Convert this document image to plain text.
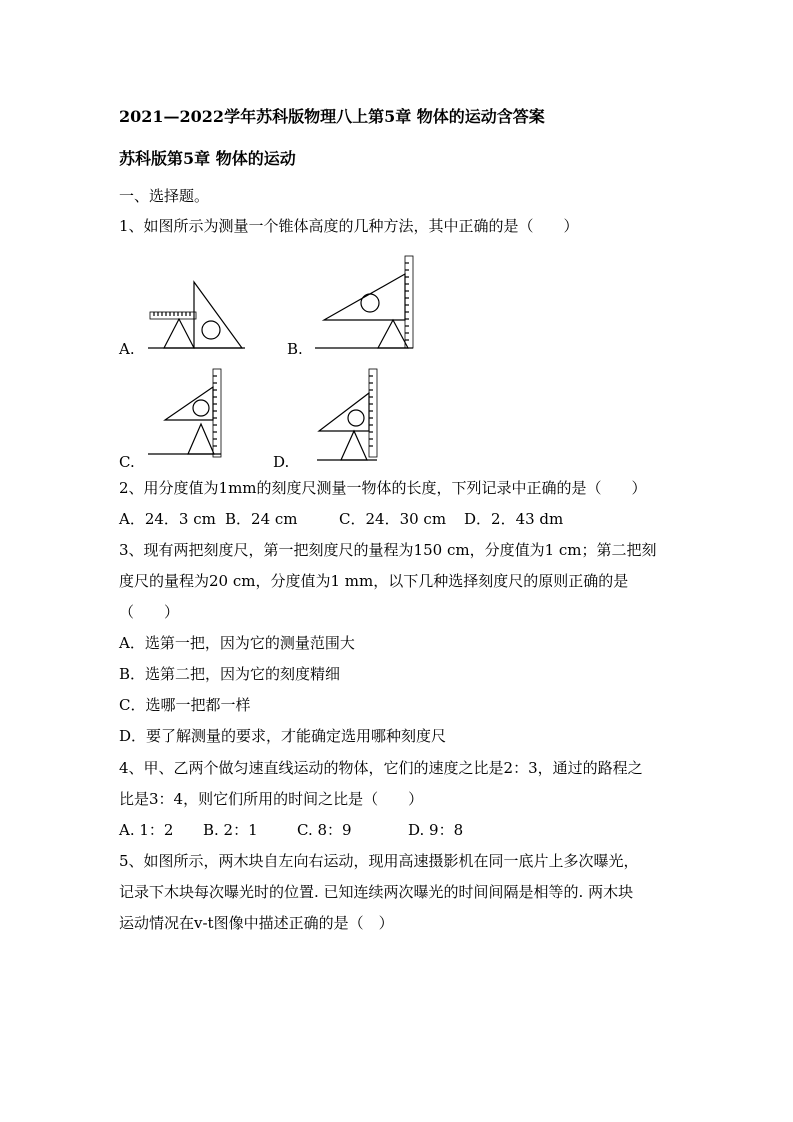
2021—2022学年苏科版物理八上第5章 物体的运动含答案
苏科版第5章 物体的运动
一、选择题。
1、如图所示为测量一个锥体高度的几种方法，其中正确的是（　　）
A.	B.
C.	D.
2、用分度值为1mm的刻度尺测量一物体的长度，下列记录中正确的是（　　）
A．24．3 cm B．24 cm	C．24．30 cm D．2．43 dm
3、现有两把刻度尺，第一把刻度尺的量程为150 cm，分度值为1 cm；第二把刻
度尺的量程为20 cm，分度值为1 mm，以下几种选择刻度尺的原则正确的是
（　　）
A．选第一把，因为它的测量范围大
B．选第二把，因为它的刻度精细
C．选哪一把都一样
D．要了解测量的要求，才能确定选用哪种刻度尺
4、甲、乙两个做匀速直线运动的物体，它们的速度之比是2：3，通过的路程之
比是3：4，则它们所用的时间之比是（　　）
A. 1：2 B. 2：1	C. 8：9	D. 9：8
5、如图所示，两木块自左向右运动，现用高速摄影机在同一底片上多次曝光，
记录下木块每次曝光时的位置. 已知连续两次曝光的时间间隔是相等的. 两木块
运动情况在v-t图像中描述正确的是（　）
